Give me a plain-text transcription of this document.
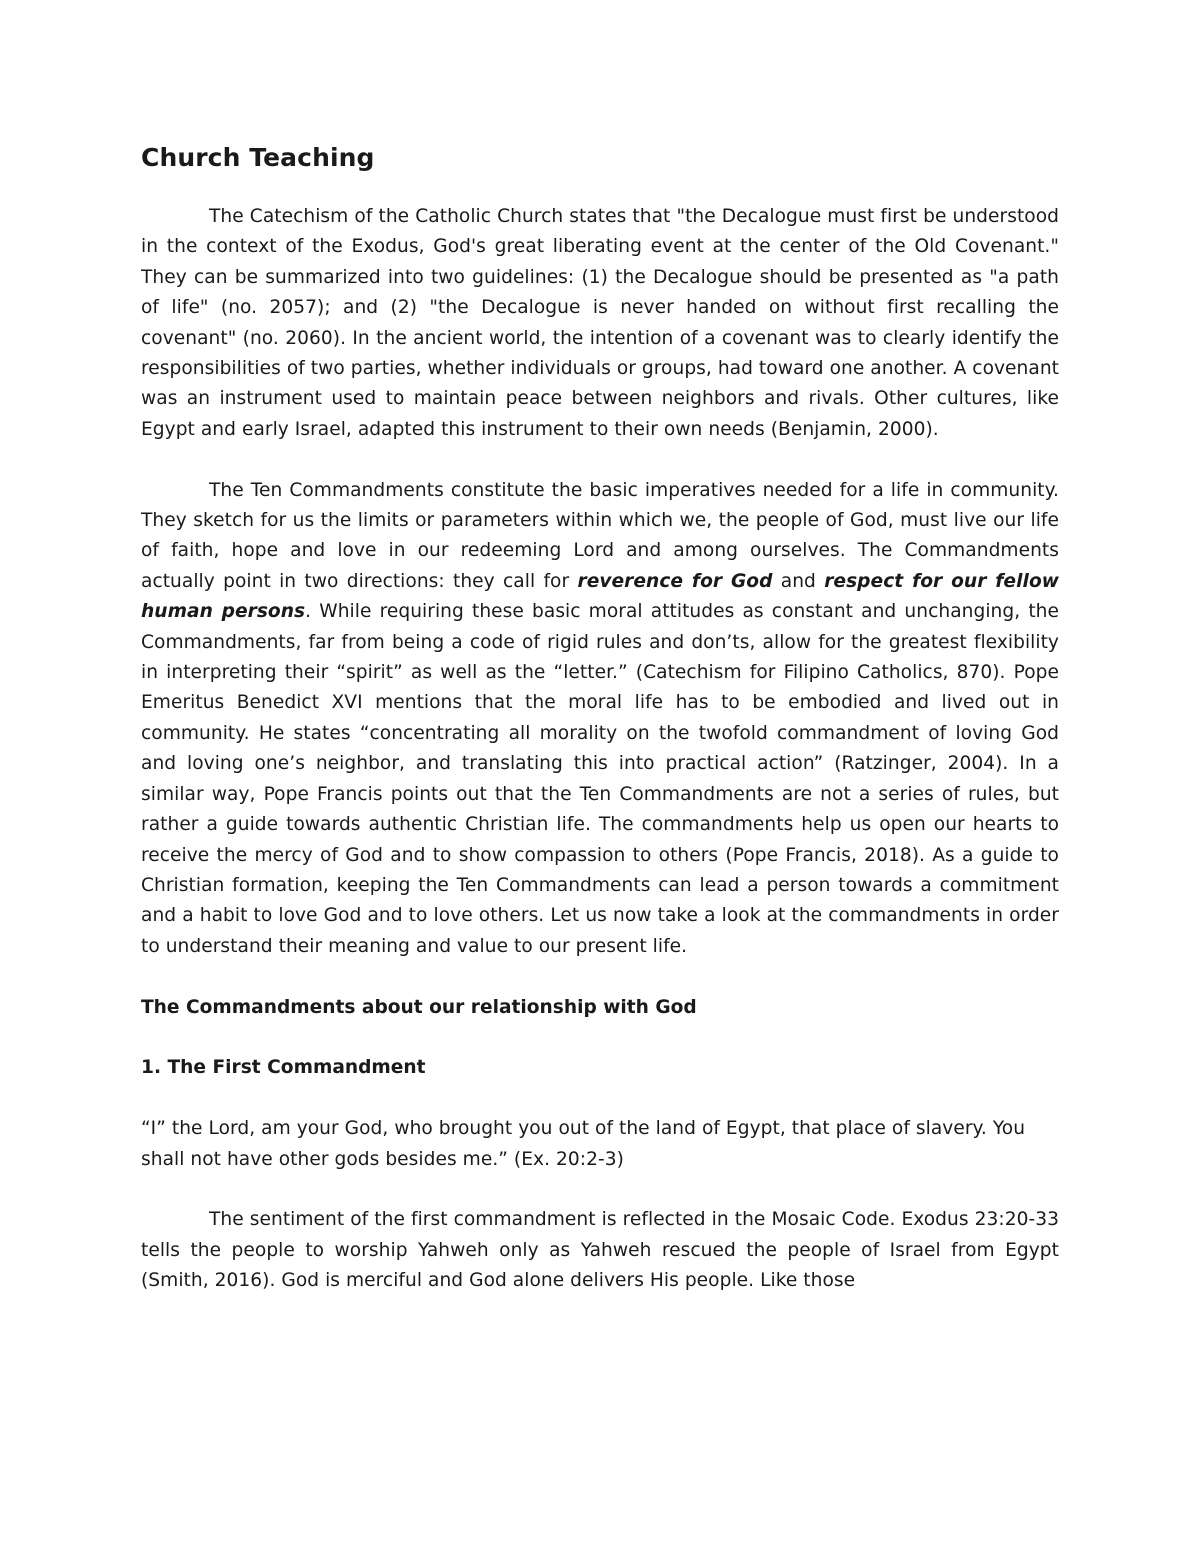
Church Teaching

The Catechism of the Catholic Church states that "the Decalogue must first be understood in the context of the Exodus, God's great liberating event at the center of the Old Covenant." They can be summarized into two guidelines: (1) the Decalogue should be presented as "a path of life" (no. 2057); and (2) "the Decalogue is never handed on without first recalling the covenant" (no. 2060). In the ancient world, the intention of a covenant was to clearly identify the responsibilities of two parties, whether individuals or groups, had toward one another. A covenant was an instrument used to maintain peace between neighbors and rivals. Other cultures, like Egypt and early Israel, adapted this instrument to their own needs (Benjamin, 2000).

The Ten Commandments constitute the basic imperatives needed for a life in community. They sketch for us the limits or parameters within which we, the people of God, must live our life of faith, hope and love in our redeeming Lord and among ourselves. The Commandments actually point in two directions: they call for reverence for God and respect for our fellow human persons. While requiring these basic moral attitudes as constant and unchanging, the Commandments, far from being a code of rigid rules and don’ts, allow for the greatest flexibility in interpreting their “spirit” as well as the “letter.” (Catechism for Filipino Catholics, 870). Pope Emeritus Benedict XVI mentions that the moral life has to be embodied and lived out in community. He states “concentrating all morality on the twofold commandment of loving God and loving one’s neighbor, and translating this into practical action” (Ratzinger, 2004). In a similar way, Pope Francis points out that the Ten Commandments are not a series of rules, but rather a guide towards authentic Christian life. The commandments help us open our hearts to receive the mercy of God and to show compassion to others (Pope Francis, 2018). As a guide to Christian formation, keeping the Ten Commandments can lead a person towards a commitment and a habit to love God and to love others. Let us now take a look at the commandments in order to understand their meaning and value to our present life.

The Commandments about our relationship with God
1. The First Commandment

“I” the Lord, am your God, who brought you out of the land of Egypt, that place of slavery. You shall not have other gods besides me.” (Ex. 20:2-3)

The sentiment of the first commandment is reflected in the Mosaic Code. Exodus 23:20-33 tells the people to worship Yahweh only as Yahweh rescued the people of Israel from Egypt (Smith, 2016). God is merciful and God alone delivers His people. Like those
